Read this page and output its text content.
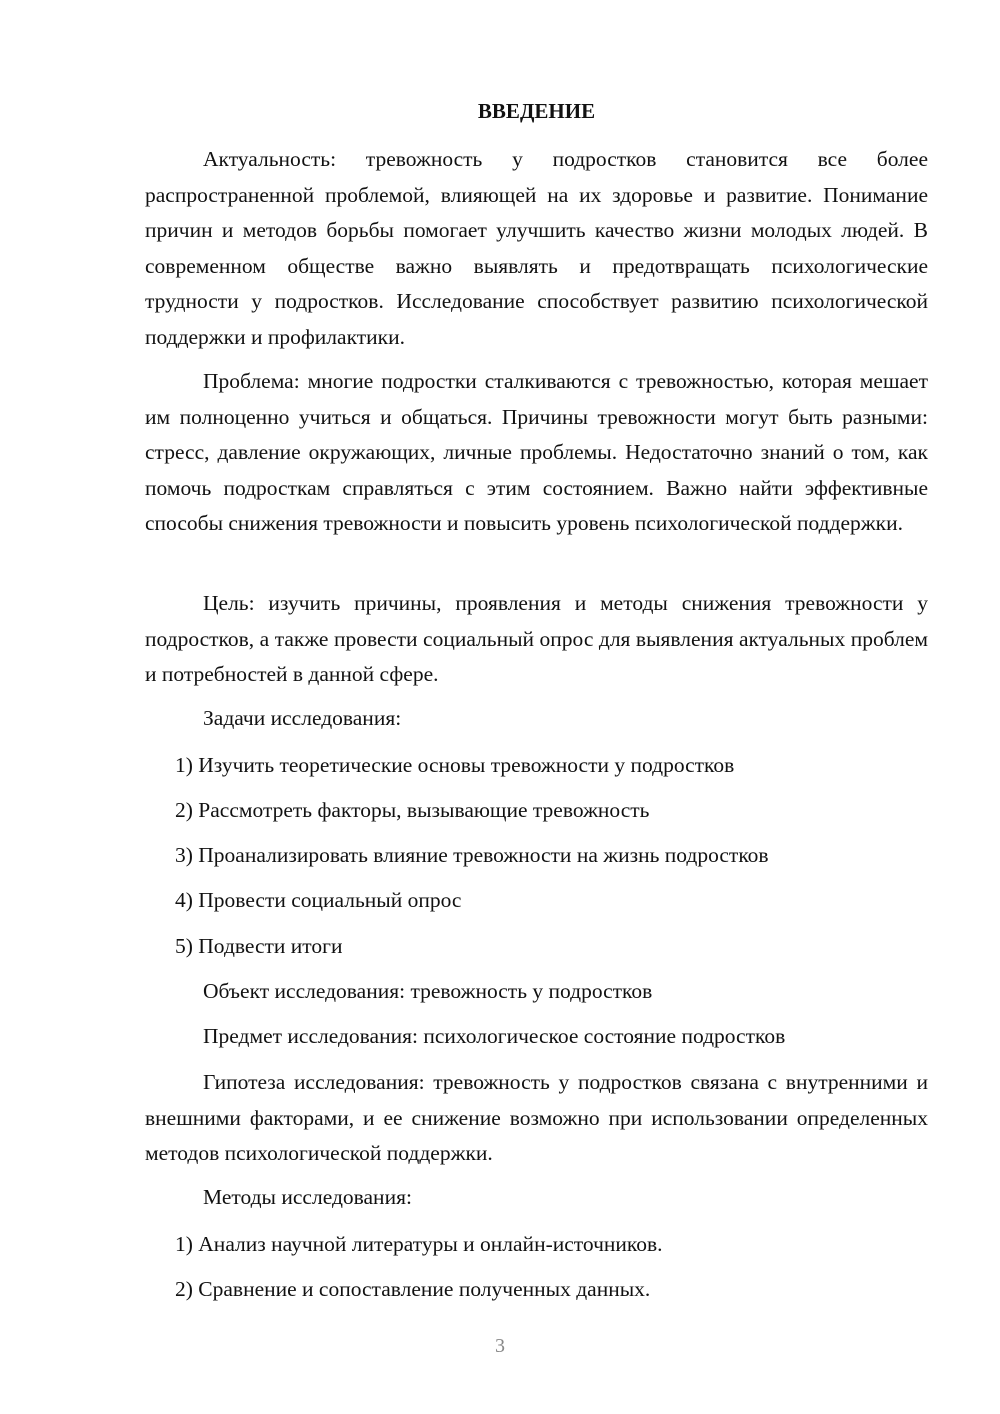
ВВЕДЕНИЕ
Актуальность: тревожность у подростков становится все более распространенной проблемой, влияющей на их здоровье и развитие. Понимание причин и методов борьбы помогает улучшить качество жизни молодых людей. В современном обществе важно выявлять и предотвращать психологические трудности у подростков. Исследование способствует развитию психологической поддержки и профилактики.
Проблема: многие подростки сталкиваются с тревожностью, которая мешает им полноценно учиться и общаться. Причины тревожности могут быть разными: стресс, давление окружающих, личные проблемы. Недостаточно знаний о том, как помочь подросткам справляться с этим состоянием. Важно найти эффективные способы снижения тревожности и повысить уровень психологической поддержки.
Цель: изучить причины, проявления и методы снижения тревожности у подростков, а также провести социальный опрос для выявления актуальных проблем и потребностей в данной сфере.
Задачи исследования:
1) Изучить теоретические основы тревожности у подростков
2) Рассмотреть факторы, вызывающие тревожность
3) Проанализировать влияние тревожности на жизнь подростков
4) Провести социальный опрос
5) Подвести итоги
Объект исследования: тревожность у подростков
Предмет исследования: психологическое состояние подростков
Гипотеза исследования: тревожность у подростков связана с внутренними и внешними факторами, и ее снижение возможно при использовании определенных методов психологической поддержки.
Методы исследования:
1) Анализ научной литературы и онлайн-источников.
2) Сравнение и сопоставление полученных данных.
3
